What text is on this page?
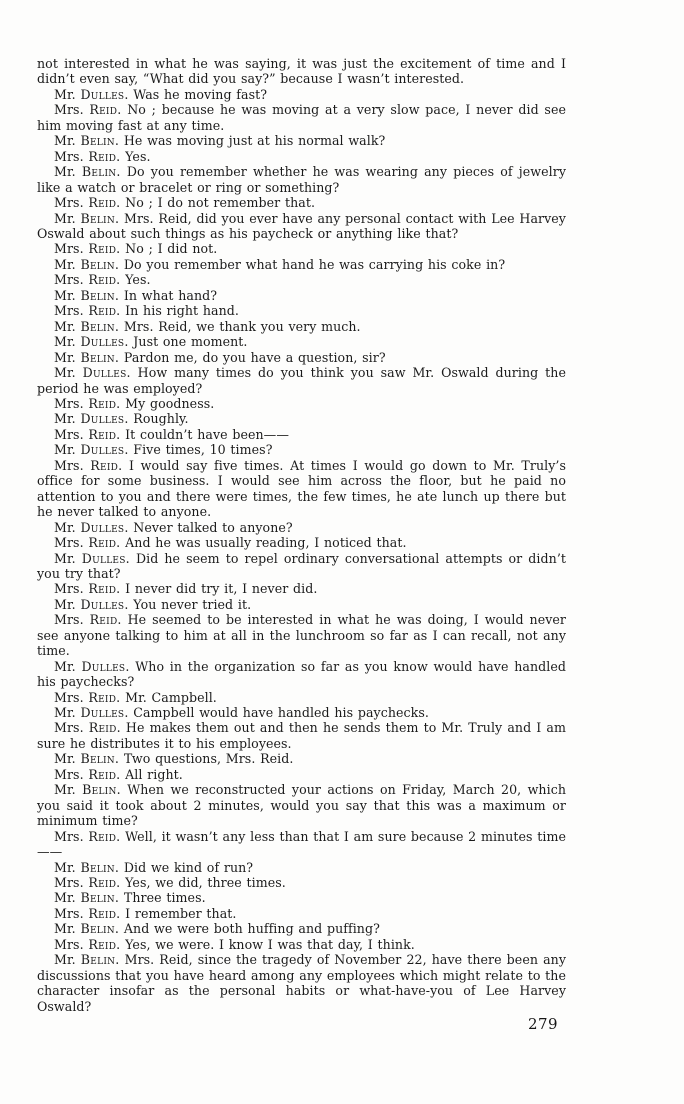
not interested in what he was saying, it was just the excitement of time and I didn’t even say, “What did you say?” because I wasn’t interested.

Mr. Dulles. Was he moving fast?

Mrs. Reid. No ; because he was moving at a very slow pace, I never did see him moving fast at any time.

Mr. Belin. He was moving just at his normal walk?

Mrs. Reid. Yes.

Mr. Belin. Do you remember whether he was wearing any pieces of jewelry like a watch or bracelet or ring or something?

Mrs. Reid. No ; I do not remember that.

Mr. Belin. Mrs. Reid, did you ever have any personal contact with Lee Harvey Oswald about such things as his paycheck or anything like that?

Mrs. Reid. No ; I did not.

Mr. Belin. Do you remember what hand he was carrying his coke in?

Mrs. Reid. Yes.

Mr. Belin. In what hand?

Mrs. Reid. In his right hand.

Mr. Belin. Mrs. Reid, we thank you very much.

Mr. Dulles. Just one moment.

Mr. Belin. Pardon me, do you have a question, sir?

Mr. Dulles. How many times do you think you saw Mr. Oswald during the period he was employed?

Mrs. Reid. My goodness.

Mr. Dulles. Roughly.

Mrs. Reid. It couldn’t have been——

Mr. Dulles. Five times, 10 times?

Mrs. Reid. I would say five times. At times I would go down to Mr. Truly’s office for some business. I would see him across the floor, but he paid no attention to you and there were times, the few times, he ate lunch up there but he never talked to anyone.

Mr. Dulles. Never talked to anyone?

Mrs. Reid. And he was usually reading, I noticed that.

Mr. Dulles. Did he seem to repel ordinary conversational attempts or didn’t you try that?

Mrs. Reid. I never did try it, I never did.

Mr. Dulles. You never tried it.

Mrs. Reid. He seemed to be interested in what he was doing, I would never see anyone talking to him at all in the lunchroom so far as I can recall, not any time.

Mr. Dulles. Who in the organization so far as you know would have handled his paychecks?

Mrs. Reid. Mr. Campbell.

Mr. Dulles. Campbell would have handled his paychecks.

Mrs. Reid. He makes them out and then he sends them to Mr. Truly and I am sure he distributes it to his employees.

Mr. Belin. Two questions, Mrs. Reid.

Mrs. Reid. All right.

Mr. Belin. When we reconstructed your actions on Friday, March 20, which you said it took about 2 minutes, would you say that this was a maximum or minimum time?

Mrs. Reid. Well, it wasn’t any less than that I am sure because 2 minutes time——

Mr. Belin. Did we kind of run?

Mrs. Reid. Yes, we did, three times.

Mr. Belin. Three times.

Mrs. Reid. I remember that.

Mr. Belin. And we were both huffing and puffing?

Mrs. Reid. Yes, we were. I know I was that day, I think.

Mr. Belin. Mrs. Reid, since the tragedy of November 22, have there been any discussions that you have heard among any employees which might relate to the character insofar as the personal habits or what-have-you of Lee Harvey Oswald?

279
